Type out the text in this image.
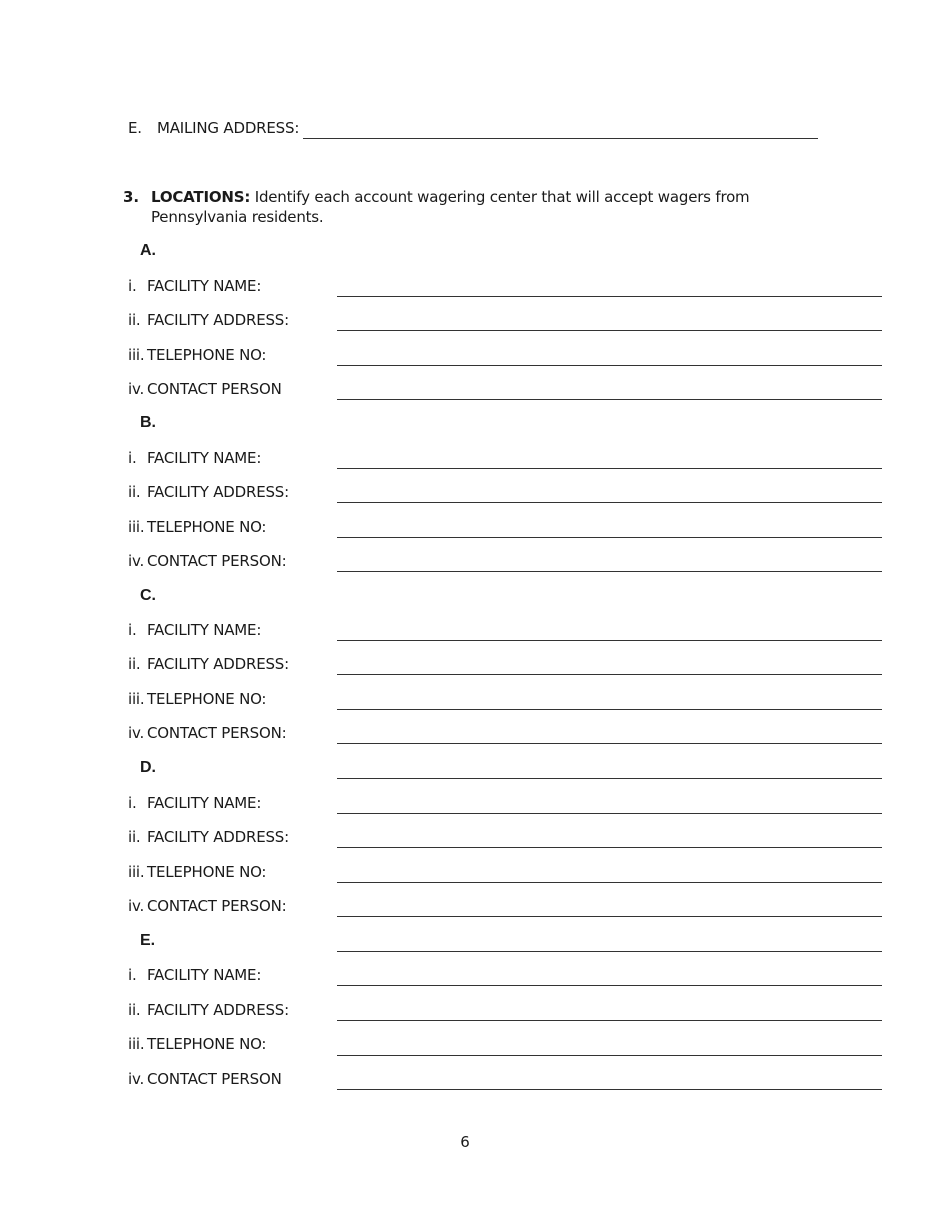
E. MAILING ADDRESS:
3. LOCATIONS: Identify each account wagering center that will accept wagers from Pennsylvania residents.
A.
i. FACILITY NAME:
ii. FACILITY ADDRESS:
iii. TELEPHONE NO:
iv. CONTACT PERSON
B.
i. FACILITY NAME:
ii. FACILITY ADDRESS:
iii. TELEPHONE NO:
iv. CONTACT PERSON:
C.
i. FACILITY NAME:
ii. FACILITY ADDRESS:
iii. TELEPHONE NO:
iv. CONTACT PERSON:
D.
i. FACILITY NAME:
ii. FACILITY ADDRESS:
iii. TELEPHONE NO:
iv. CONTACT PERSON:
E.
i. FACILITY NAME:
ii. FACILITY ADDRESS:
iii. TELEPHONE NO:
iv. CONTACT PERSON
6
